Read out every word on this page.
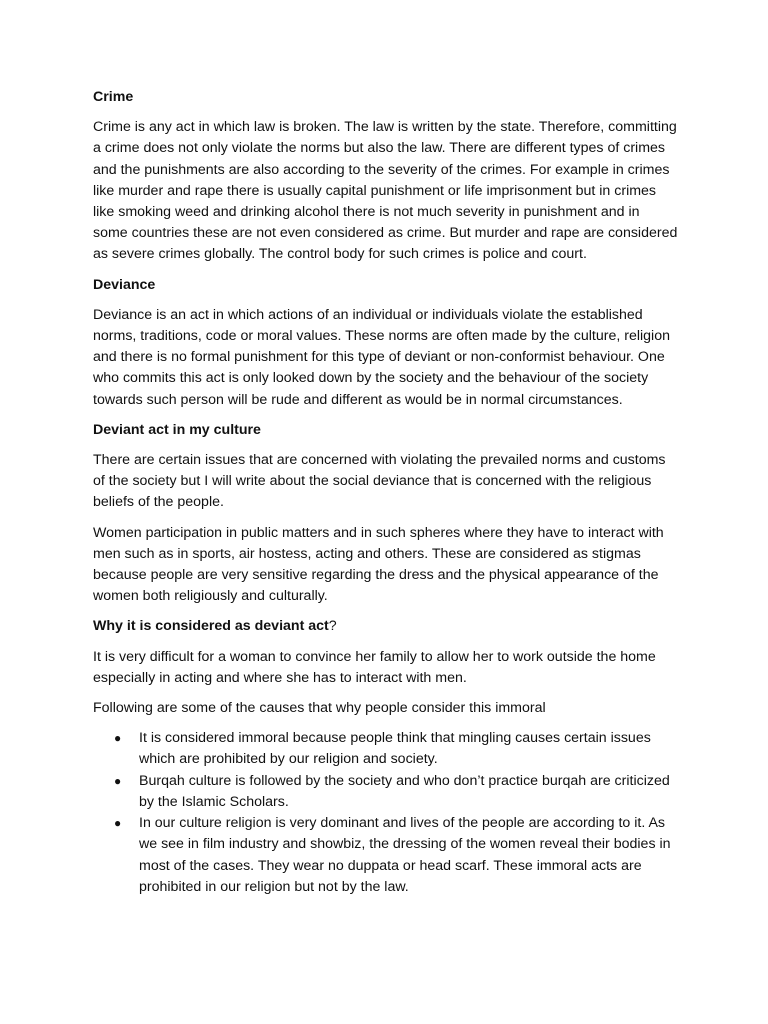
Crime

Crime is any act in which law is broken. The law is written by the state. Therefore, committing a crime does not only violate the norms but also the law. There are different types of crimes and the punishments are also according to the severity of the crimes. For example in crimes like murder and rape there is usually capital punishment or life imprisonment but in crimes like smoking weed and drinking alcohol there is not much severity in punishment and in some countries these are not even considered as crime. But murder and rape are considered as severe crimes globally. The control body for such crimes is police and court.

Deviance

Deviance is an act in which actions of an individual or individuals violate the established norms, traditions, code or moral values. These norms are often made by the culture, religion and there is no formal punishment for this type of deviant or non-conformist behaviour. One who commits this act is only looked down by the society and the behaviour of the society towards such person will be rude and different as would be in normal circumstances.

Deviant act in my culture

There are certain issues that are concerned with violating the prevailed norms and customs of the society but I will write about the social deviance that is concerned with the religious beliefs of the people.

Women participation in public matters and in such spheres where they have to interact with men such as in sports, air hostess, acting and others. These are considered as stigmas because people are very sensitive regarding the dress and the physical appearance of the women both religiously and culturally.

Why it is considered as deviant act?

It is very difficult for a woman to convince her family to allow her to work outside the home especially in acting and where she has to interact with men.

Following are some of the causes that why people consider this immoral

● It is considered immoral because people think that mingling causes certain issues which are prohibited by our religion and society.
● Burqah culture is followed by the society and who don’t practice burqah are criticized by the Islamic Scholars.
● In our culture religion is very dominant and lives of the people are according to it. As we see in film industry and showbiz, the dressing of the women reveal their bodies in most of the cases. They wear no duppata or head scarf. These immoral acts are prohibited in our religion but not by the law.
